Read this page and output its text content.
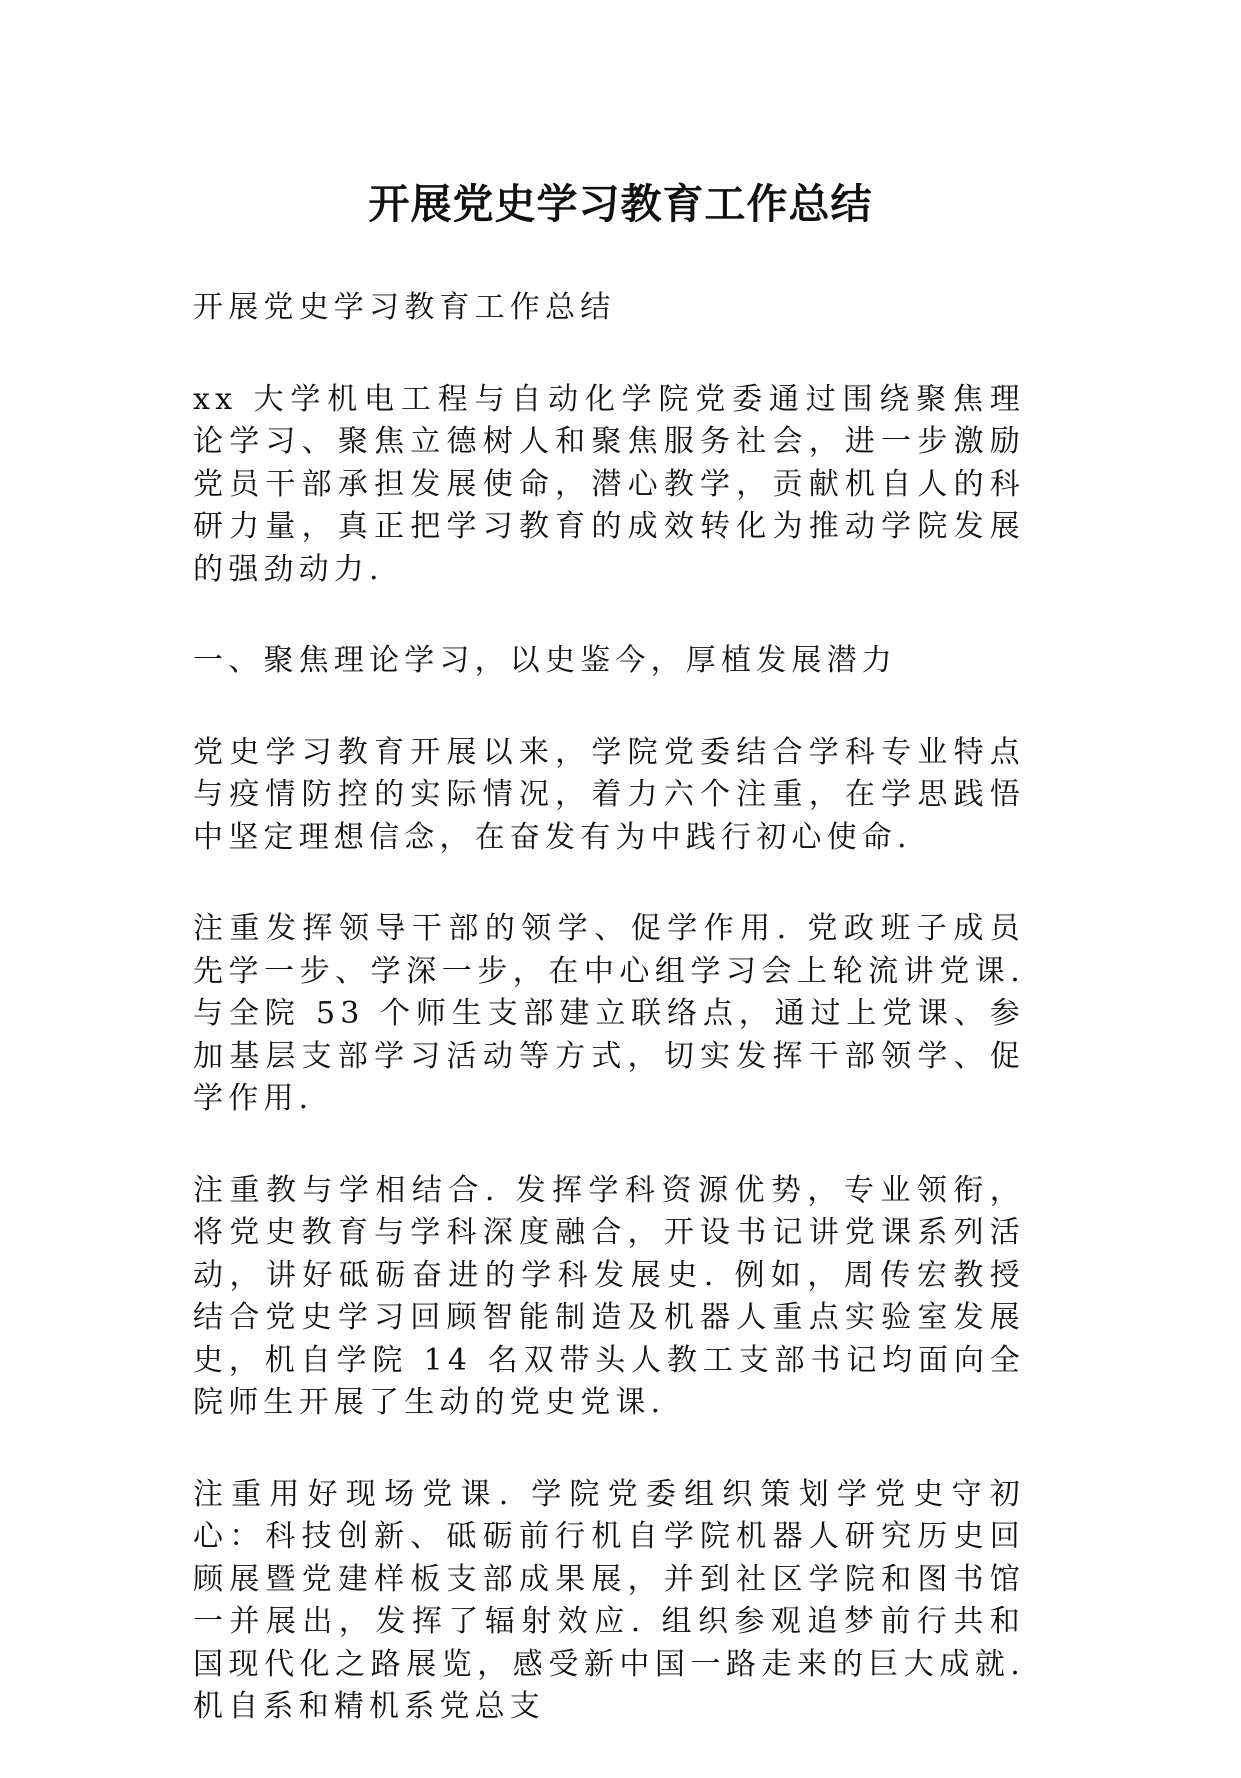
开展党史学习教育工作总结

开展党史学习教育工作总结

xx 大学机电工程与自动化学院党委通过围绕聚焦理论学习、聚焦立德树人和聚焦服务社会，进一步激励党员干部承担发展使命，潜心教学，贡献机自人的科研力量，真正把学习教育的成效转化为推动学院发展的强劲动力.

一、聚焦理论学习，以史鉴今，厚植发展潜力

党史学习教育开展以来，学院党委结合学科专业特点与疫情防控的实际情况，着力六个注重，在学思践悟中坚定理想信念，在奋发有为中践行初心使命.

注重发挥领导干部的领学、促学作用. 党政班子成员先学一步、学深一步，在中心组学习会上轮流讲党课. 与全院 53 个师生支部建立联络点，通过上党课、参加基层支部学习活动等方式，切实发挥干部领学、促学作用.

注重教与学相结合. 发挥学科资源优势，专业领衔，将党史教育与学科深度融合，开设书记讲党课系列活动，讲好砥砺奋进的学科发展史. 例如，周传宏教授结合党史学习回顾智能制造及机器人重点实验室发展史，机自学院 14 名双带头人教工支部书记均面向全院师生开展了生动的党史党课.

注重用好现场党课. 学院党委组织策划学党史守初心：科技创新、砥砺前行机自学院机器人研究历史回顾展暨党建样板支部成果展，并到社区学院和图书馆一并展出，发挥了辐射效应. 组织参观追梦前行共和国现代化之路展览，感受新中国一路走来的巨大成就. 机自系和精机系党总支
